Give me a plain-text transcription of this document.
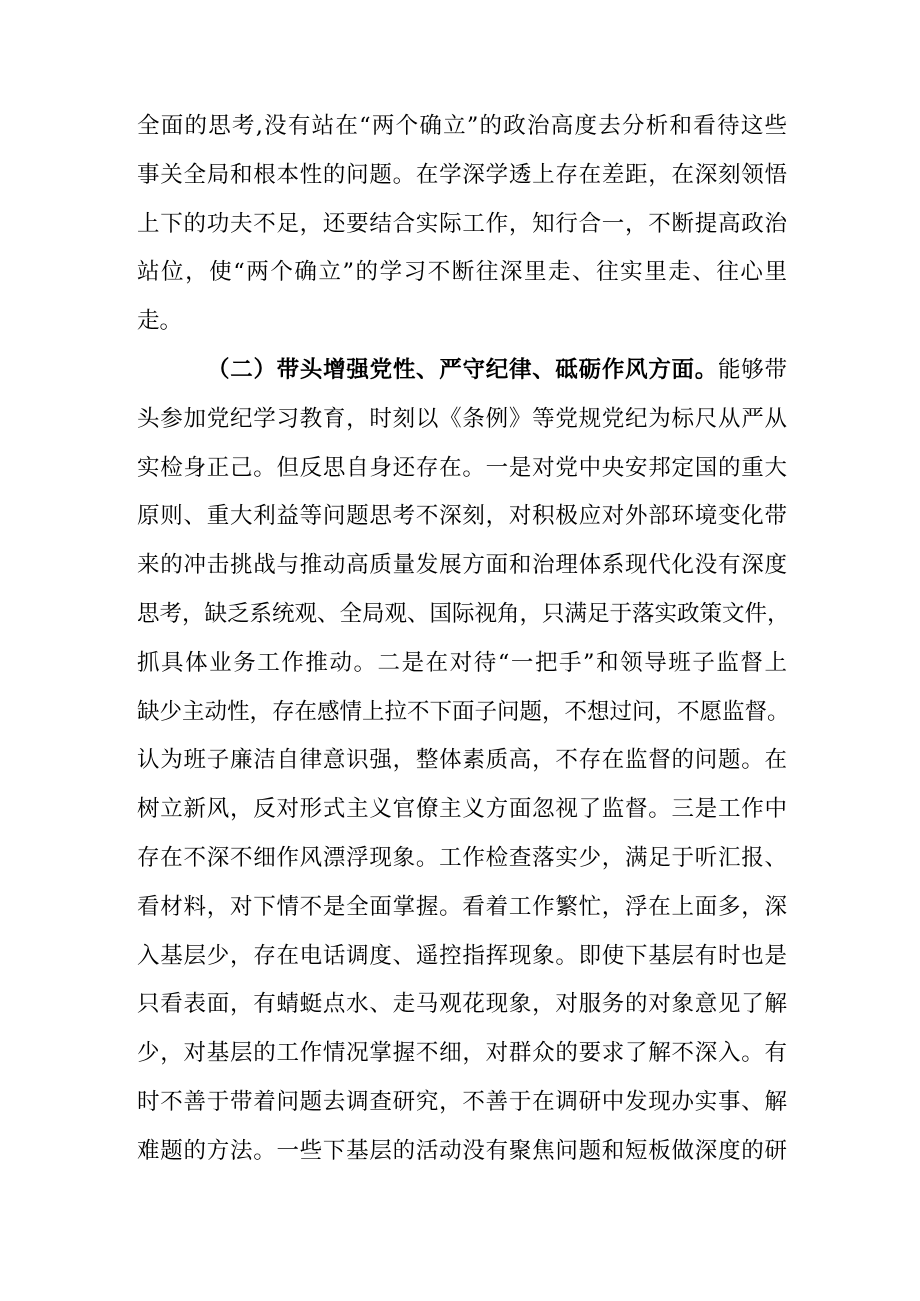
全面的思考,没有站在“两个确立”的政治高度去分析和看待这些
事关全局和根本性的问题。在学深学透上存在差距，在深刻领悟
上下的功夫不足，还要结合实际工作，知行合一，不断提高政治
站位，使“两个确立”的学习不断往深里走、往实里走、往心里
走。
（二）带头增强党性、严守纪律、砥砺作风方面。能够带
头参加党纪学习教育，时刻以《条例》等党规党纪为标尺从严从
实检身正己。但反思自身还存在。一是对党中央安邦定国的重大
原则、重大利益等问题思考不深刻，对积极应对外部环境变化带
来的冲击挑战与推动高质量发展方面和治理体系现代化没有深度
思考，缺乏系统观、全局观、国际视角，只满足于落实政策文件，
抓具体业务工作推动。二是在对待“一把手”和领导班子监督上
缺少主动性，存在感情上拉不下面子问题，不想过问，不愿监督。
认为班子廉洁自律意识强，整体素质高，不存在监督的问题。在
树立新风，反对形式主义官僚主义方面忽视了监督。三是工作中
存在不深不细作风漂浮现象。工作检查落实少，满足于听汇报、
看材料，对下情不是全面掌握。看着工作繁忙，浮在上面多，深
入基层少，存在电话调度、遥控指挥现象。即使下基层有时也是
只看表面，有蜻蜓点水、走马观花现象，对服务的对象意见了解
少，对基层的工作情况掌握不细，对群众的要求了解不深入。有
时不善于带着问题去调查研究，不善于在调研中发现办实事、解
难题的方法。一些下基层的活动没有聚焦问题和短板做深度的研
